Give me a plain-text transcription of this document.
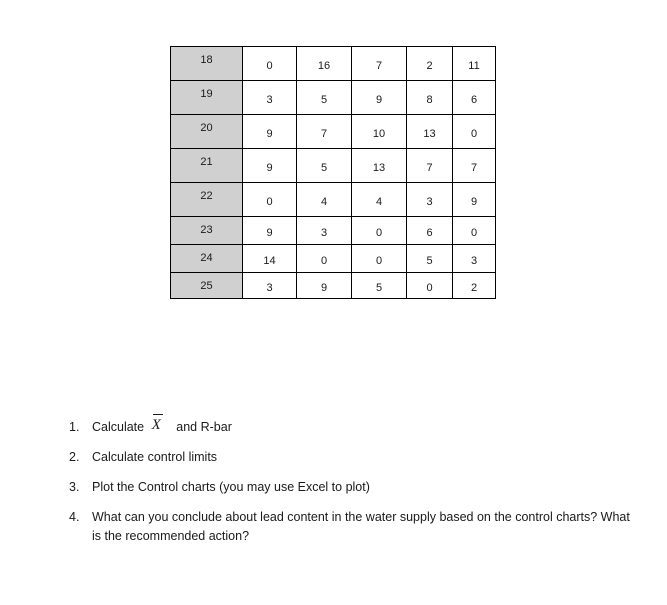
18	0	16	7	2	11
19	3	5	9	8	6
20	9	7	10	13	0
21	9	5	13	7	7
22	0	4	4	3	9
23	9	3	0	6	0
24	14	0	0	5	3
25	3	9	5	0	2
1. Calculate X and R-bar
2. Calculate control limits
3. Plot the Control charts (you may use Excel to plot)
4. What can you conclude about lead content in the water supply based on the control charts? What is the recommended action?
